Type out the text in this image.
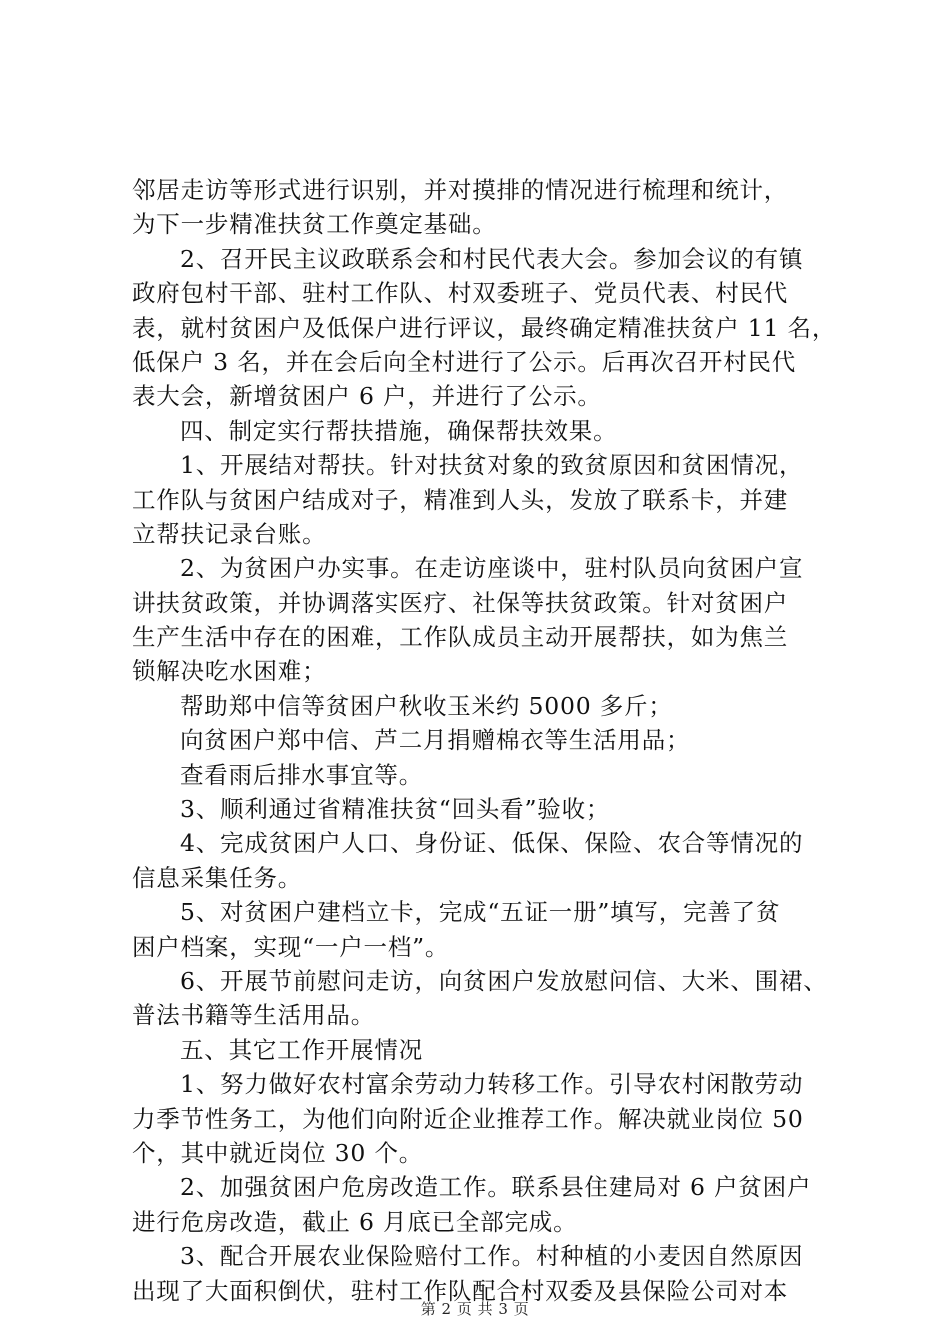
邻居走访等形式进行识别，并对摸排的情况进行梳理和统计，
为下一步精准扶贫工作奠定基础。
2、召开民主议政联系会和村民代表大会。参加会议的有镇
政府包村干部、驻村工作队、村双委班子、党员代表、村民代
表，就村贫困户及低保户进行评议，最终确定精准扶贫户 11 名，
低保户 3 名，并在会后向全村进行了公示。后再次召开村民代
表大会，新增贫困户 6 户，并进行了公示。
四、制定实行帮扶措施，确保帮扶效果。
1、开展结对帮扶。针对扶贫对象的致贫原因和贫困情况，
工作队与贫困户结成对子，精准到人头，发放了联系卡，并建
立帮扶记录台账。
2、为贫困户办实事。在走访座谈中，驻村队员向贫困户宣
讲扶贫政策，并协调落实医疗、社保等扶贫政策。针对贫困户
生产生活中存在的困难，工作队成员主动开展帮扶，如为焦兰
锁解决吃水困难；
帮助郑中信等贫困户秋收玉米约 5000 多斤；
向贫困户郑中信、芦二月捐赠棉衣等生活用品；
查看雨后排水事宜等。
3、顺利通过省精准扶贫“回头看”验收；
4、完成贫困户人口、身份证、低保、保险、农合等情况的
信息采集任务。
5、对贫困户建档立卡，完成“五证一册”填写，完善了贫
困户档案，实现“一户一档”。
6、开展节前慰问走访，向贫困户发放慰问信、大米、围裙、
普法书籍等生活用品。
五、其它工作开展情况
1、努力做好农村富余劳动力转移工作。引导农村闲散劳动
力季节性务工，为他们向附近企业推荐工作。解决就业岗位 50
个，其中就近岗位 30 个。
2、加强贫困户危房改造工作。联系县住建局对 6 户贫困户
进行危房改造，截止 6 月底已全部完成。
3、配合开展农业保险赔付工作。村种植的小麦因自然原因
出现了大面积倒伏，驻村工作队配合村双委及县保险公司对本
第 2 页 共 3 页
